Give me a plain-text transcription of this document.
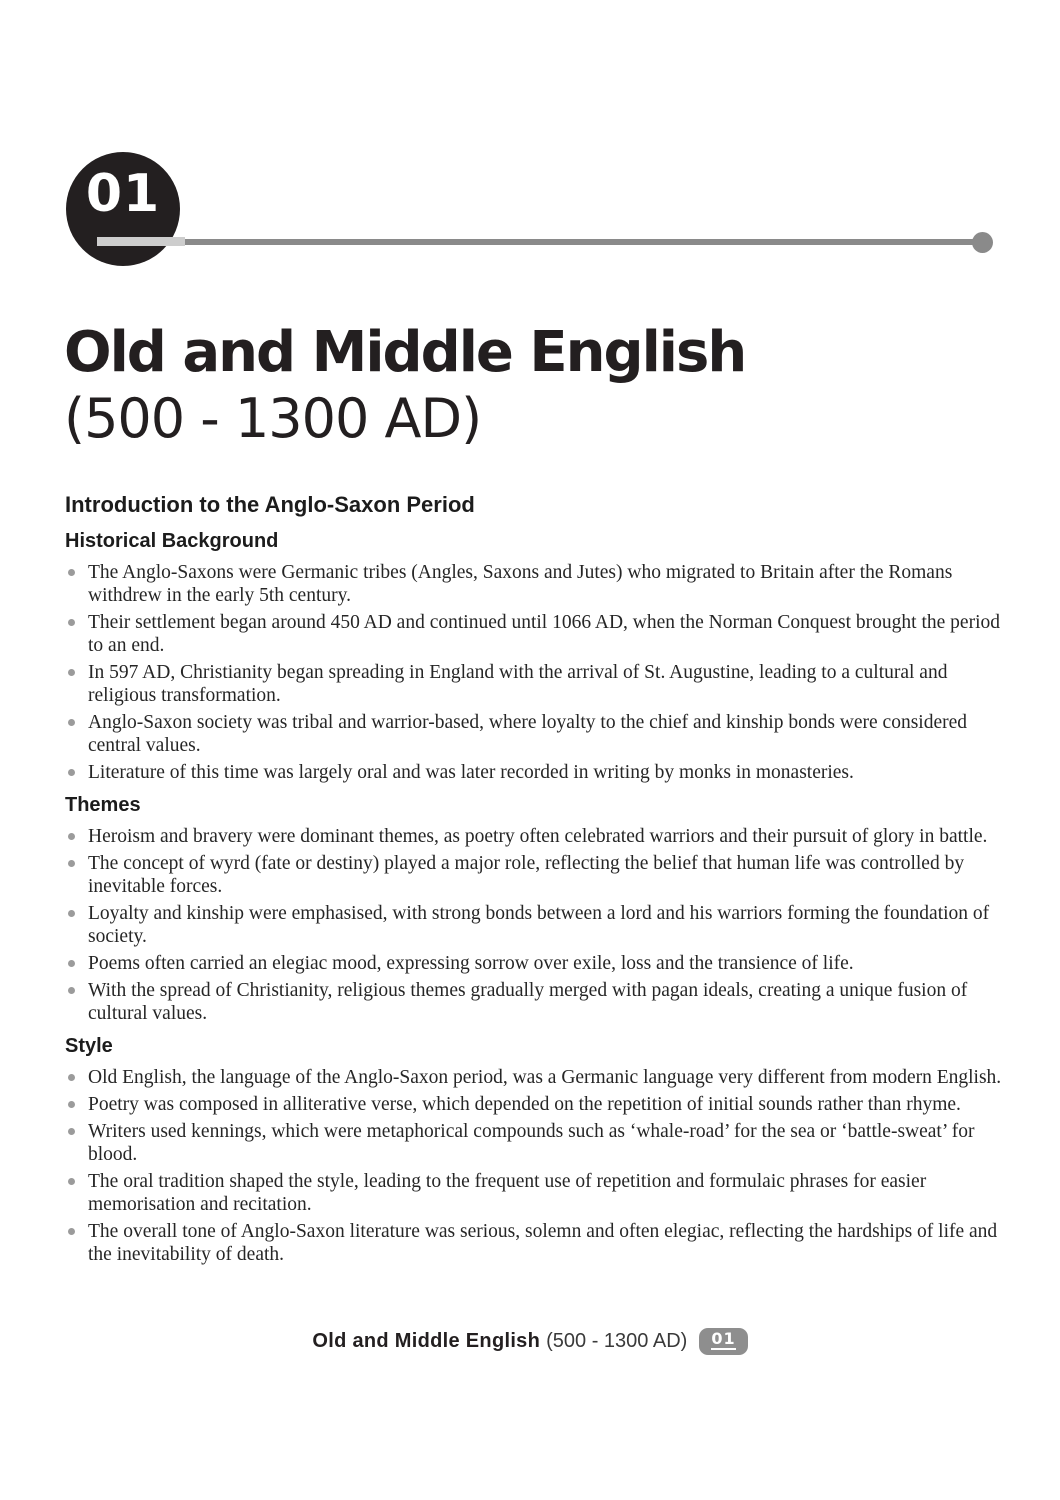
01
Old and Middle English
(500 - 1300 AD)
Introduction to the Anglo-Saxon Period
Historical Background
The Anglo-Saxons were Germanic tribes (Angles, Saxons and Jutes) who migrated to Britain after the Romans withdrew in the early 5th century.
Their settlement began around 450 AD and continued until 1066 AD, when the Norman Conquest brought the period to an end.
In 597 AD, Christianity began spreading in England with the arrival of St. Augustine, leading to a cultural and religious transformation.
Anglo-Saxon society was tribal and warrior-based, where loyalty to the chief and kinship bonds were considered central values.
Literature of this time was largely oral and was later recorded in writing by monks in monasteries.
Themes
Heroism and bravery were dominant themes, as poetry often celebrated warriors and their pursuit of glory in battle.
The concept of wyrd (fate or destiny) played a major role, reflecting the belief that human life was controlled by inevitable forces.
Loyalty and kinship were emphasised, with strong bonds between a lord and his warriors forming the foundation of society.
Poems often carried an elegiac mood, expressing sorrow over exile, loss and the transience of life.
With the spread of Christianity, religious themes gradually merged with pagan ideals, creating a unique fusion of cultural values.
Style
Old English, the language of the Anglo-Saxon period, was a Germanic language very different from modern English.
Poetry was composed in alliterative verse, which depended on the repetition of initial sounds rather than rhyme.
Writers used kennings, which were metaphorical compounds such as ‘whale-road’ for the sea or ‘battle-sweat’ for blood.
The oral tradition shaped the style, leading to the frequent use of repetition and formulaic phrases for easier memorisation and recitation.
The overall tone of Anglo-Saxon literature was serious, solemn and often elegiac, reflecting the hardships of life and the inevitability of death.
Old and Middle English (500 - 1300 AD) 01
